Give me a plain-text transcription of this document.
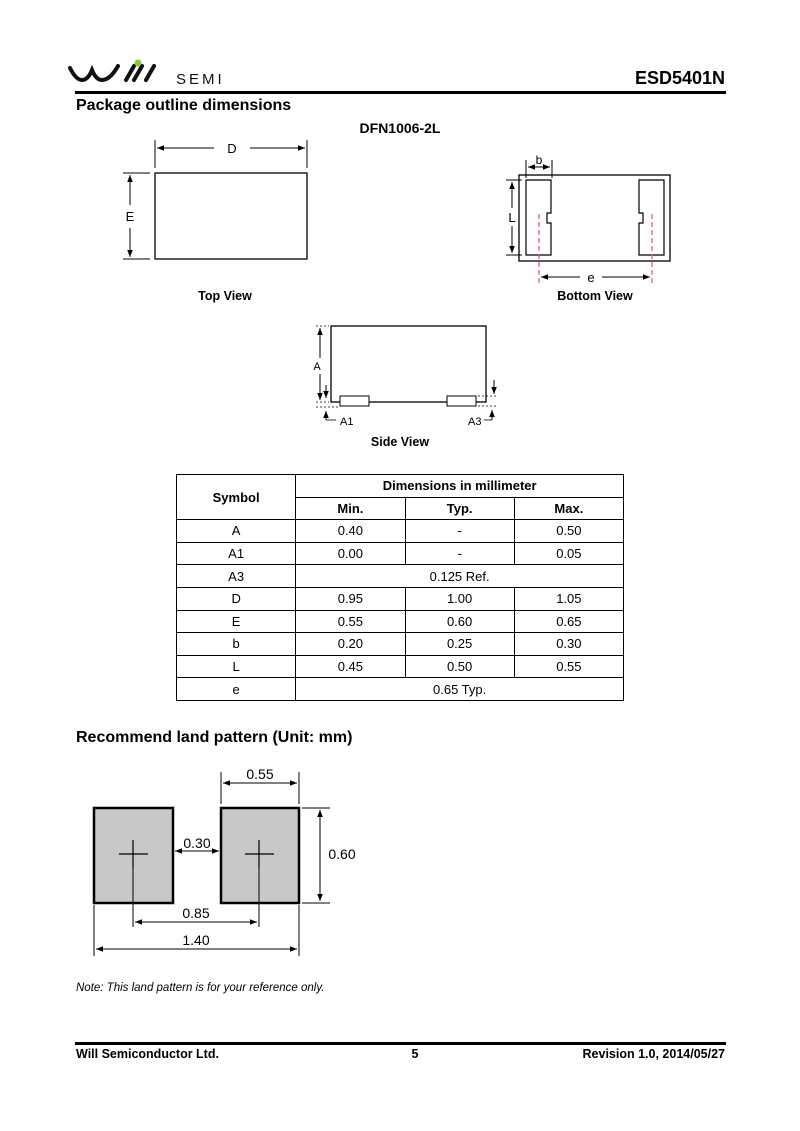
SEMI	ESD5401N
Package outline dimensions
DFN1006-2L
D
E
b
L
e
A
A1	A3
Top View	Bottom View
Side View
Symbol	Dimensions in millimeter		
	Min.	Typ.	Max.
A	0.40	-	0.50
A1	0.00	-	0.05
A3	0.125 Ref.		
D	0.95	1.00	1.05
E	0.55	0.60	0.65
b	0.20	0.25	0.30
L	0.45	0.50	0.55
e	0.65 Typ.		
Recommend land pattern (Unit: mm)
0.55
0.30
0.60
0.85
1.40
Note: This land pattern is for your reference only.
Will Semiconductor Ltd.	5	Revision 1.0, 2014/05/27
